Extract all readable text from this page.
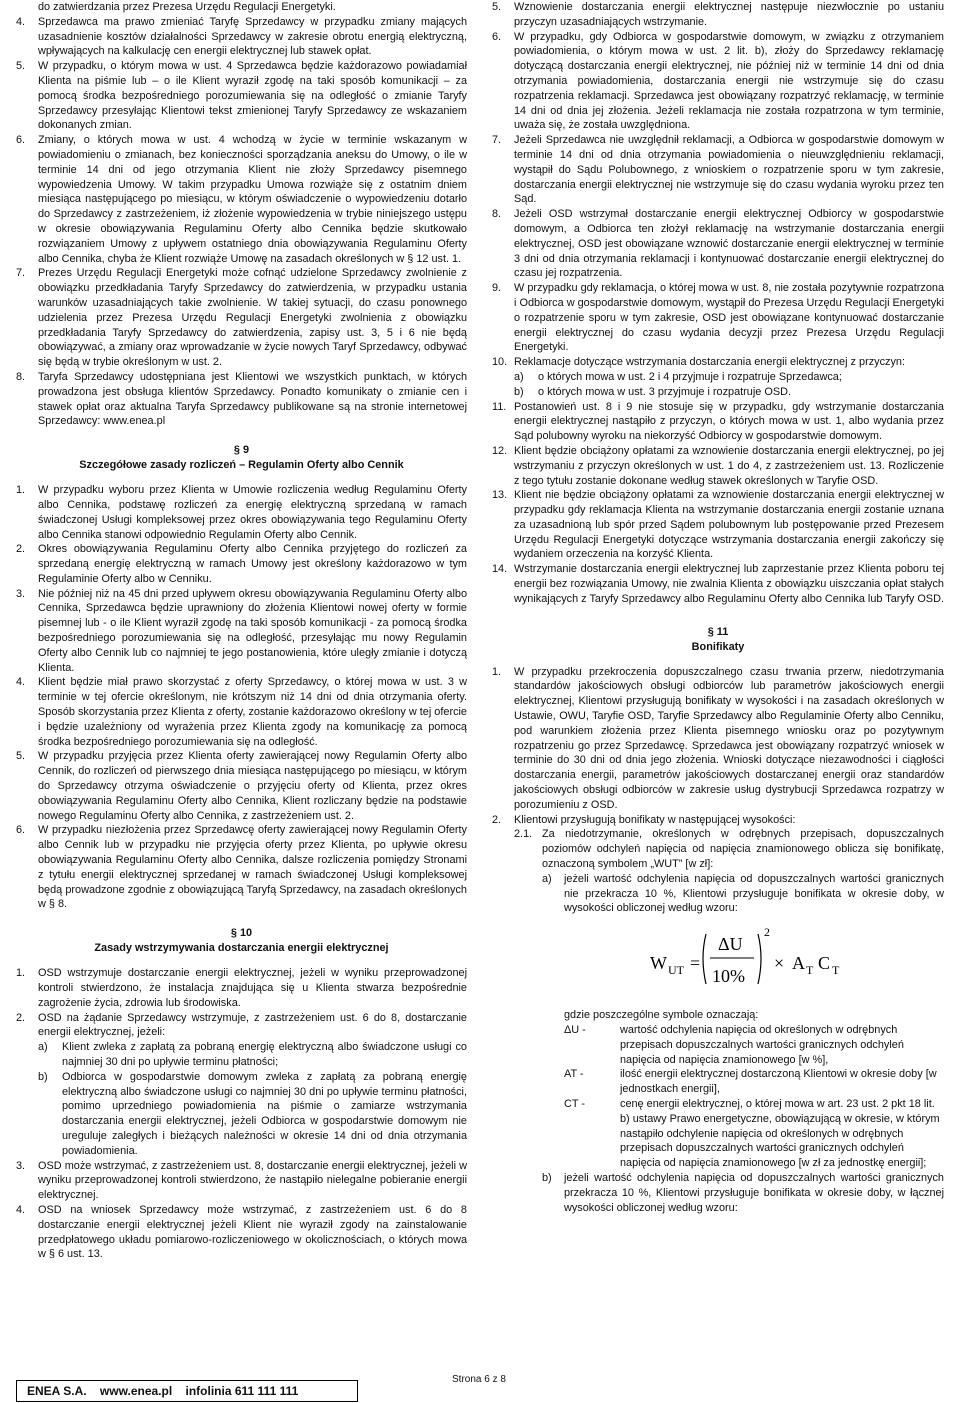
do zatwierdzania przez Prezesa Urzędu Regulacji Energetyki.

4. Sprzedawca ma prawo zmieniać Taryfę Sprzedawcy w przypadku zmiany mających uzasadnienie kosztów działalności Sprzedawcy w zakresie obrotu energią elektryczną, wpływających na kalkulację cen energii elektrycznej lub stawek opłat.

5. W przypadku, o którym mowa w ust. 4 Sprzedawca będzie każdorazowo powiadamiał Klienta na piśmie lub – o ile Klient wyraził zgodę na taki sposób komunikacji – za pomocą środka bezpośredniego porozumiewania się na odległość o zmianie Taryfy Sprzedawcy przesyłając Klientowi tekst zmienionej Taryfy Sprzedawcy ze wskazaniem dokonanych zmian.

6. Zmiany, o których mowa w ust. 4 wchodzą w życie w terminie wskazanym w powiadomieniu o zmianach, bez konieczności sporządzania aneksu do Umowy, o ile w terminie 14 dni od jego otrzymania Klient nie złoży Sprzedawcy pisemnego wypowiedzenia Umowy. W takim przypadku Umowa rozwiąże się z ostatnim dniem miesiąca następującego po miesiącu, w którym oświadczenie o wypowiedzeniu dotarło do Sprzedawcy z zastrzeżeniem, iż złożenie wypowiedzenia w trybie niniejszego ustępu w okresie obowiązywania Regulaminu Oferty albo Cennika będzie skutkowało rozwiązaniem Umowy z upływem ostatniego dnia obowiązywania Regulaminu Oferty albo Cennika, chyba że Klient rozwiąże Umowę na zasadach określonych w § 12 ust. 1.

7. Prezes Urzędu Regulacji Energetyki może cofnąć udzielone Sprzedawcy zwolnienie z obowiązku przedkładania Taryfy Sprzedawcy do zatwierdzenia, w przypadku ustania warunków uzasadniających takie zwolnienie. W takiej sytuacji, do czasu ponownego udzielenia przez Prezesa Urzędu Regulacji Energetyki zwolnienia z obowiązku przedkładania Taryfy Sprzedawcy do zatwierdzenia, zapisy ust. 3, 5 i 6 nie będą obowiązywać, a zmiany oraz wprowadzanie w życie nowych Taryf Sprzedawcy, odbywać się będą w trybie określonym w ust. 2.

8. Taryfa Sprzedawcy udostępniana jest Klientowi we wszystkich punktach, w których prowadzona jest obsługa klientów Sprzedawcy. Ponadto komunikaty o zmianie cen i stawek opłat oraz aktualna Taryfa Sprzedawcy publikowane są na stronie internetowej Sprzedawcy: www.enea.pl

§ 9
Szczegółowe zasady rozliczeń – Regulamin Oferty albo Cennik

1. W przypadku wyboru przez Klienta w Umowie rozliczenia według Regulaminu Oferty albo Cennika, podstawę rozliczeń za energię elektryczną sprzedaną w ramach świadczonej Usługi kompleksowej przez okres obowiązywania tego Regulaminu Oferty albo Cennika stanowi odpowiednio Regulamin Oferty albo Cennik.

2. Okres obowiązywania Regulaminu Oferty albo Cennika przyjętego do rozliczeń za sprzedaną energię elektryczną w ramach Umowy jest określony każdorazowo w tym Regulaminie Oferty albo w Cenniku.

3. Nie później niż na 45 dni przed upływem okresu obowiązywania Regulaminu Oferty albo Cennika, Sprzedawca będzie uprawniony do złożenia Klientowi nowej oferty w formie pisemnej lub - o ile Klient wyraził zgodę na taki sposób komunikacji - za pomocą środka bezpośredniego porozumiewania się na odległość, przesyłając mu nowy Regulamin Oferty albo Cennik lub co najmniej te jego postanowienia, które uległy zmianie i dotyczą Klienta.

4. Klient będzie miał prawo skorzystać z oferty Sprzedawcy, o której mowa w ust. 3 w terminie w tej ofercie określonym, nie krótszym niż 14 dni od dnia otrzymania oferty. Sposób skorzystania przez Klienta z oferty, zostanie każdorazowo określony w tej ofercie i będzie uzależniony od wyrażenia przez Klienta zgody na komunikację za pomocą środka bezpośredniego porozumiewania się na odległość.

5. W przypadku przyjęcia przez Klienta oferty zawierającej nowy Regulamin Oferty albo Cennik, do rozliczeń od pierwszego dnia miesiąca następującego po miesiącu, w którym do Sprzedawcy otrzyma oświadczenie o przyjęciu oferty od Klienta, przez okres obowiązywania Regulaminu Oferty albo Cennika, Klient rozliczany będzie na podstawie nowego Regulaminu Oferty albo Cennika, z zastrzeżeniem ust. 2.

6. W przypadku niezłożenia przez Sprzedawcę oferty zawierającej nowy Regulamin Oferty albo Cennik lub w przypadku nie przyjęcia oferty przez Klienta, po upływie okresu obowiązywania Regulaminu Oferty albo Cennika, dalsze rozliczenia pomiędzy Stronami z tytułu energii elektrycznej sprzedanej w ramach świadczonej Usługi kompleksowej będą prowadzone zgodnie z obowiązującą Taryfą Sprzedawcy, na zasadach określonych w § 8.

§ 10
Zasady wstrzymywania dostarczania energii elektrycznej

1. OSD wstrzymuje dostarczanie energii elektrycznej, jeżeli w wyniku przeprowadzonej kontroli stwierdzono, że instalacja znajdująca się u Klienta stwarza bezpośrednie zagrożenie życia, zdrowia lub środowiska.

2. OSD na żądanie Sprzedawcy wstrzymuje, z zastrzeżeniem ust. 6 do 8, dostarczanie energii elektrycznej, jeżeli:

a) Klient zwleka z zapłatą za pobraną energię elektryczną albo świadczone usługi co najmniej 30 dni po upływie terminu płatności;

b) Odbiorca w gospodarstwie domowym zwleka z zapłatą za pobraną energię elektryczną albo świadczone usługi co najmniej 30 dni po upływie terminu płatności, pomimo uprzedniego powiadomienia na piśmie o zamiarze wstrzymania dostarczania energii elektrycznej, jeżeli Odbiorca w gospodarstwie domowym nie ureguluje zaległych i bieżących należności w okresie 14 dni od dnia otrzymania powiadomienia.

3. OSD może wstrzymać, z zastrzeżeniem ust. 8, dostarczanie energii elektrycznej, jeżeli w wyniku przeprowadzonej kontroli stwierdzono, że nastąpiło nielegalne pobieranie energii elektrycznej.

4. OSD na wniosek Sprzedawcy może wstrzymać, z zastrzeżeniem ust. 6 do 8 dostarczanie energii elektrycznej jeżeli Klient nie wyraził zgody na zainstalowanie przedpłatowego układu pomiarowo-rozliczeniowego w okolicznościach, o których mowa w § 6 ust. 13.

5. Wznowienie dostarczania energii elektrycznej następuje niezwłocznie po ustaniu przyczyn uzasadniających wstrzymanie.

6. W przypadku, gdy Odbiorca w gospodarstwie domowym, w związku z otrzymaniem powiadomienia, o którym mowa w ust. 2 lit. b), złoży do Sprzedawcy reklamację dotyczącą dostarczania energii elektrycznej, nie później niż w terminie 14 dni od dnia otrzymania powiadomienia, dostarczania energii nie wstrzymuje się do czasu rozpatrzenia reklamacji. Sprzedawca jest obowiązany rozpatrzyć reklamację, w terminie 14 dni od dnia jej złożenia. Jeżeli reklamacja nie została rozpatrzona w tym terminie, uważa się, że została uwzględniona.

7. Jeżeli Sprzedawca nie uwzględnił reklamacji, a Odbiorca w gospodarstwie domowym w terminie 14 dni od dnia otrzymania powiadomienia o nieuwzględnieniu reklamacji, wystąpił do Sądu Polubownego, z wnioskiem o rozpatrzenie sporu w tym zakresie, dostarczania energii elektrycznej nie wstrzymuje się do czasu wydania wyroku przez ten Sąd.

8. Jeżeli OSD wstrzymał dostarczanie energii elektrycznej Odbiorcy w gospodarstwie domowym, a Odbiorca ten złożył reklamację na wstrzymanie dostarczania energii elektrycznej, OSD jest obowiązane wznowić dostarczanie energii elektrycznej w terminie 3 dni od dnia otrzymania reklamacji i kontynuować dostarczanie energii elektrycznej do czasu jej rozpatrzenia.

9. W przypadku gdy reklamacja, o której mowa w ust. 8, nie została pozytywnie rozpatrzona i Odbiorca w gospodarstwie domowym, wystąpił do Prezesa Urzędu Regulacji Energetyki o rozpatrzenie sporu w tym zakresie, OSD jest obowiązane kontynuować dostarczanie energii elektrycznej do czasu wydania decyzji przez Prezesa Urzędu Regulacji Energetyki.

10. Reklamacje dotyczące wstrzymania dostarczania energii elektrycznej z przyczyn:

a) o których mowa w ust. 2 i 4 przyjmuje i rozpatruje Sprzedawca;

b) o których mowa w ust. 3 przyjmuje i rozpatruje OSD.

11. Postanowień ust. 8 i 9 nie stosuje się w przypadku, gdy wstrzymanie dostarczania energii elektrycznej nastąpiło z przyczyn, o których mowa w ust. 1, albo wydania przez Sąd polubowny wyroku na niekorzyść Odbiorcy w gospodarstwie domowym.

12. Klient będzie obciążony opłatami za wznowienie dostarczania energii elektrycznej, po jej wstrzymaniu z przyczyn określonych w ust. 1 do 4, z zastrzeżeniem ust. 13. Rozliczenie z tego tytułu zostanie dokonane według stawek określonych w Taryfie OSD.

13. Klient nie będzie obciążony opłatami za wznowienie dostarczania energii elektrycznej w przypadku gdy reklamacja Klienta na wstrzymanie dostarczania energii zostanie uznana za uzasadnioną lub spór przed Sądem polubownym lub postępowanie przed Prezesem Urzędu Regulacji Energetyki dotyczące wstrzymania dostarczania energii zakończy się wydaniem orzeczenia na korzyść Klienta.

14. Wstrzymanie dostarczania energii elektrycznej lub zaprzestanie przez Klienta poboru tej energii bez rozwiązania Umowy, nie zwalnia Klienta z obowiązku uiszczania opłat stałych wynikających z Taryfy Sprzedawcy albo Regulaminu Oferty albo Cennika lub Taryfy OSD.

§ 11
Bonifikaty

1. W przypadku przekroczenia dopuszczalnego czasu trwania przerw, niedotrzymania standardów jakościowych obsługi odbiorców lub parametrów jakościowych energii elektrycznej, Klientowi przysługują bonifikaty w wysokości i na zasadach określonych w Ustawie, OWU, Taryfie OSD, Taryfie Sprzedawcy albo Regulaminie Oferty albo Cenniku, pod warunkiem złożenia przez Klienta pisemnego wniosku oraz po pozytywnym rozpatrzeniu go przez Sprzedawcę. Sprzedawca jest obowiązany rozpatrzyć wniosek w terminie do 30 dni od dnia jego złożenia. Wnioski dotyczące niezawodności i ciągłości dostarczania energii, parametrów jakościowych dostarczanej energii oraz standardów jakościowych obsługi odbiorców w zakresie usług dystrybucji Sprzedawca rozpatrzy w porozumieniu z OSD.

2. Klientowi przysługują bonifikaty w następującej wysokości:

2.1. Za niedotrzymanie, określonych w odrębnych przepisach, dopuszczalnych poziomów odchyleń napięcia od napięcia znamionowego oblicza się bonifikatę, oznaczoną symbolem „WUT” [w zł]:

a) jeżeli wartość odchylenia napięcia od dopuszczalnych wartości granicznych nie przekracza 10 %, Klientowi przysługuje bonifikata w okresie doby, w wysokości obliczonej według wzoru:

W UT =
ΔU
10%
2
× A T C T

gdzie poszczególne symbole oznaczają:

ΔU -	wartość odchylenia napięcia od określonych w odrębnych przepisach dopuszczalnych wartości granicznych odchyleń napięcia od napięcia znamionowego [w %],

AT -	ilość energii elektrycznej dostarczoną Klientowi w okresie doby [w jednostkach energii],

CT -	cenę energii elektrycznej, o której mowa w art. 23 ust. 2 pkt 18 lit. b) ustawy Prawo energetyczne, obowiązującą w okresie, w którym nastąpiło odchylenie napięcia od określonych w odrębnych przepisach dopuszczalnych wartości granicznych odchyleń napięcia od napięcia znamionowego [w zł za jednostkę energii];

b) jeżeli wartość odchylenia napięcia od dopuszczalnych wartości granicznych przekracza 10 %, Klientowi przysługuje bonifikata w okresie doby, w łącznej wysokości obliczonej według wzoru:

ENEA S.A. www.enea.pl infolinia 611 111 111
Strona 6 z 8
